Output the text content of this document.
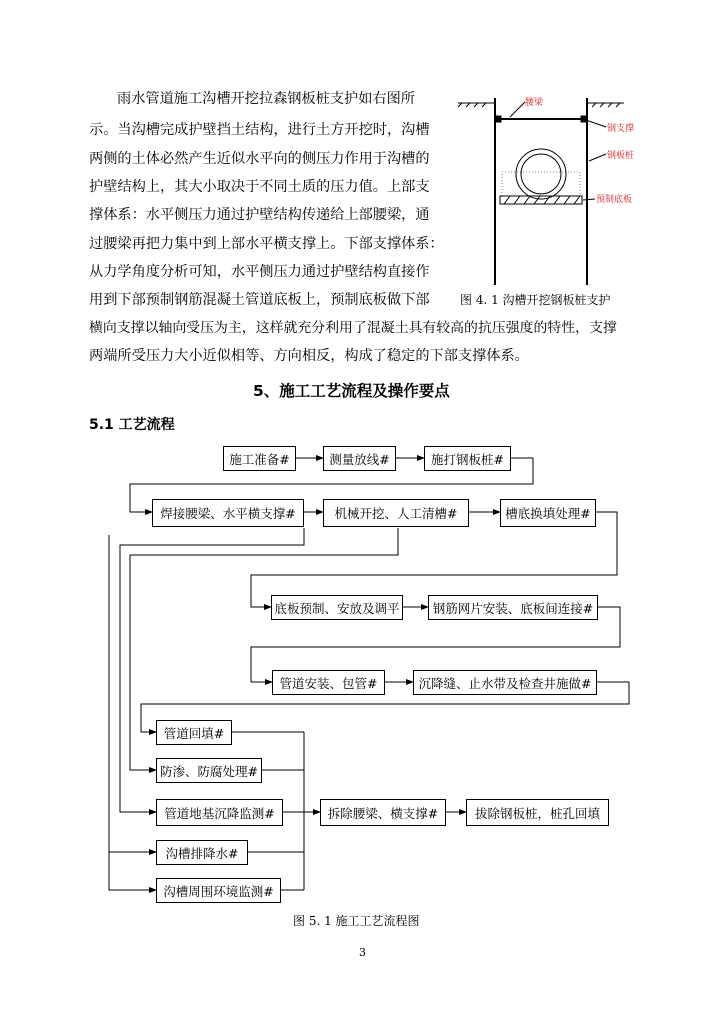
雨水管道施工沟槽开挖拉森钢板桩支护如右图所
示。当沟槽完成护壁挡土结构，进行土方开挖时，沟槽
两侧的土体必然产生近似水平向的侧压力作用于沟槽的
护壁结构上，其大小取决于不同土质的压力值。上部支
撑体系：水平侧压力通过护壁结构传递给上部腰梁，通
过腰梁再把力集中到上部水平横支撑上。下部支撑体系：
从力学角度分析可知，水平侧压力通过护壁结构直接作
用到下部预制钢筋混凝土管道底板上，预制底板做下部
横向支撑以轴向受压为主，这样就充分利用了混凝土具有较高的抗压强度的特性，支撑
两端所受压力大小近似相等、方向相反，构成了稳定的下部支撑体系。
腰梁
钢支撑
钢板桩
预制底板
图 4. 1 沟槽开挖钢板桩支护
5、施工工艺流程及操作要点
5.1 工艺流程
施工准备#	测量放线#	施打钢板桩#
焊接腰梁、水平横支撑#	机械开挖、人工清槽#	槽底换填处理#
底板预制、安放及调平	钢筋网片安装、底板间连接#
管道安装、包管#	沉降缝、止水带及检查井施做#
管道回填#
防渗、防腐处理#
管道地基沉降监测#	拆除腰梁、横支撑#	拔除钢板桩，桩孔回填
沟槽排降水#
沟槽周围环境监测#
图 5. 1 施工工艺流程图
3
